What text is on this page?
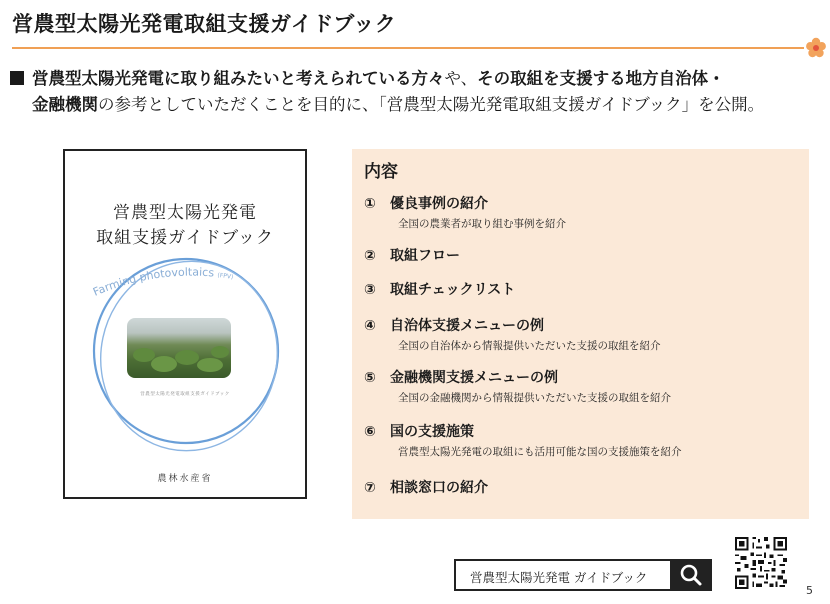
営農型太陽光発電取組支援ガイドブック
営農型太陽光発電に取り組みたいと考えられている方々や、その取組を支援する地方自治体・
金融機関の参考としていただくことを目的に、「営農型太陽光発電取組支援ガイドブック」を公開。
Farming photovoltaics (FPV)
営農型太陽光発電
取組支援ガイドブック
営農型太陽光発電取組支援ガイドブック
農林水産省
内容
① 優良事例の紹介
全国の農業者が取り組む事例を紹介
② 取組フロー
③ 取組チェックリスト
④ 自治体支援メニューの例
全国の自治体から情報提供いただいた支援の取組を紹介
⑤ 金融機関支援メニューの例
全国の金融機関から情報提供いただいた支援の取組を紹介
⑥ 国の支援施策
営農型太陽光発電の取組にも活用可能な国の支援施策を紹介
⑦ 相談窓口の紹介
営農型太陽光発電 ガイドブック
5
